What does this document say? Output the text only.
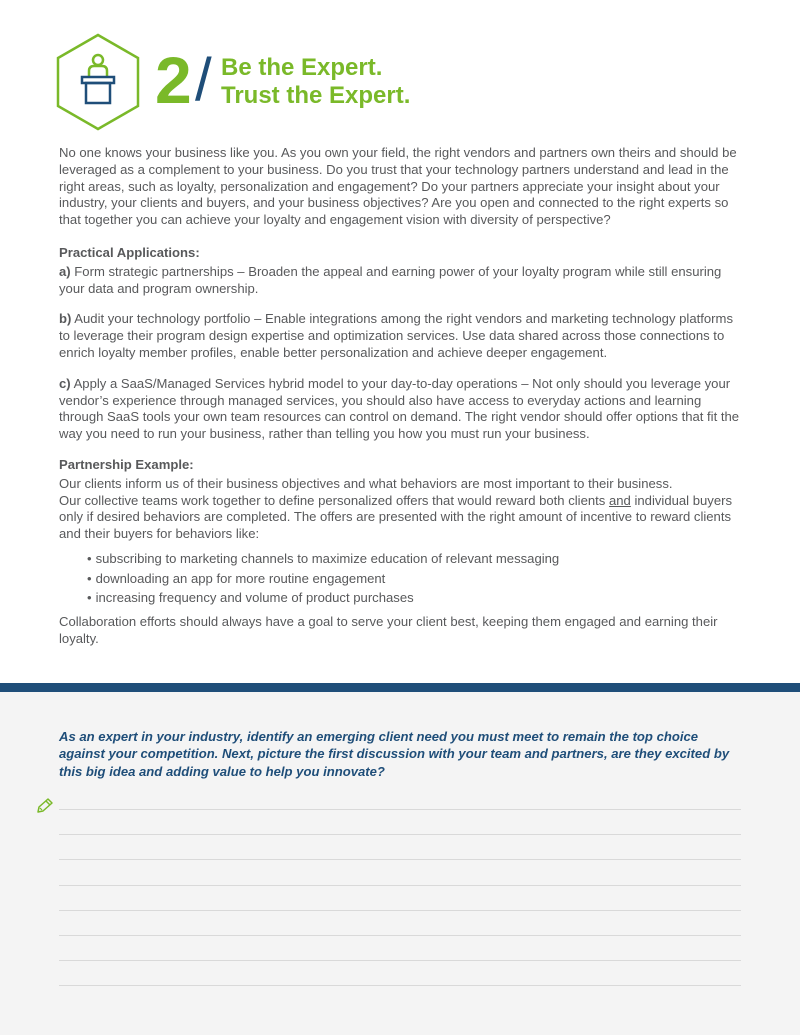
2 / Be the Expert.
Trust the Expert.

No one knows your business like you. As you own your field, the right vendors and partners own theirs and should be leveraged as a complement to your business. Do you trust that your technology partners understand and lead in the right areas, such as loyalty, personalization and engagement? Do your partners appreciate your insight about your industry, your clients and buyers, and your business objectives? Are you open and connected to the right experts so that together you can achieve your loyalty and engagement vision with diversity of perspective?

Practical Applications:

a) Form strategic partnerships – Broaden the appeal and earning power of your loyalty program while still ensuring your data and program ownership.

b) Audit your technology portfolio – Enable integrations among the right vendors and marketing technology platforms to leverage their program design expertise and optimization services. Use data shared across those connections to enrich loyalty member profiles, enable better personalization and achieve deeper engagement.

c) Apply a SaaS/Managed Services hybrid model to your day-to-day operations – Not only should you leverage your vendor’s experience through managed services, you should also have access to everyday actions and learning through SaaS tools your own team resources can control on demand. The right vendor should offer options that fit the way you need to run your business, rather than telling you how you must run your business.

Partnership Example:

Our clients inform us of their business objectives and what behaviors are most important to their business.

Our collective teams work together to define personalized offers that would reward both clients and individual buyers only if desired behaviors are completed. The offers are presented with the right amount of incentive to reward clients and their buyers for behaviors like:

• subscribing to marketing channels to maximize education of relevant messaging
• downloading an app for more routine engagement
• increasing frequency and volume of product purchases

Collaboration efforts should always have a goal to serve your client best, keeping them engaged and earning their loyalty.

As an expert in your industry, identify an emerging client need you must meet to remain the top choice against your competition. Next, picture the first discussion with your team and partners, are they excited by this big idea and adding value to help you innovate?
